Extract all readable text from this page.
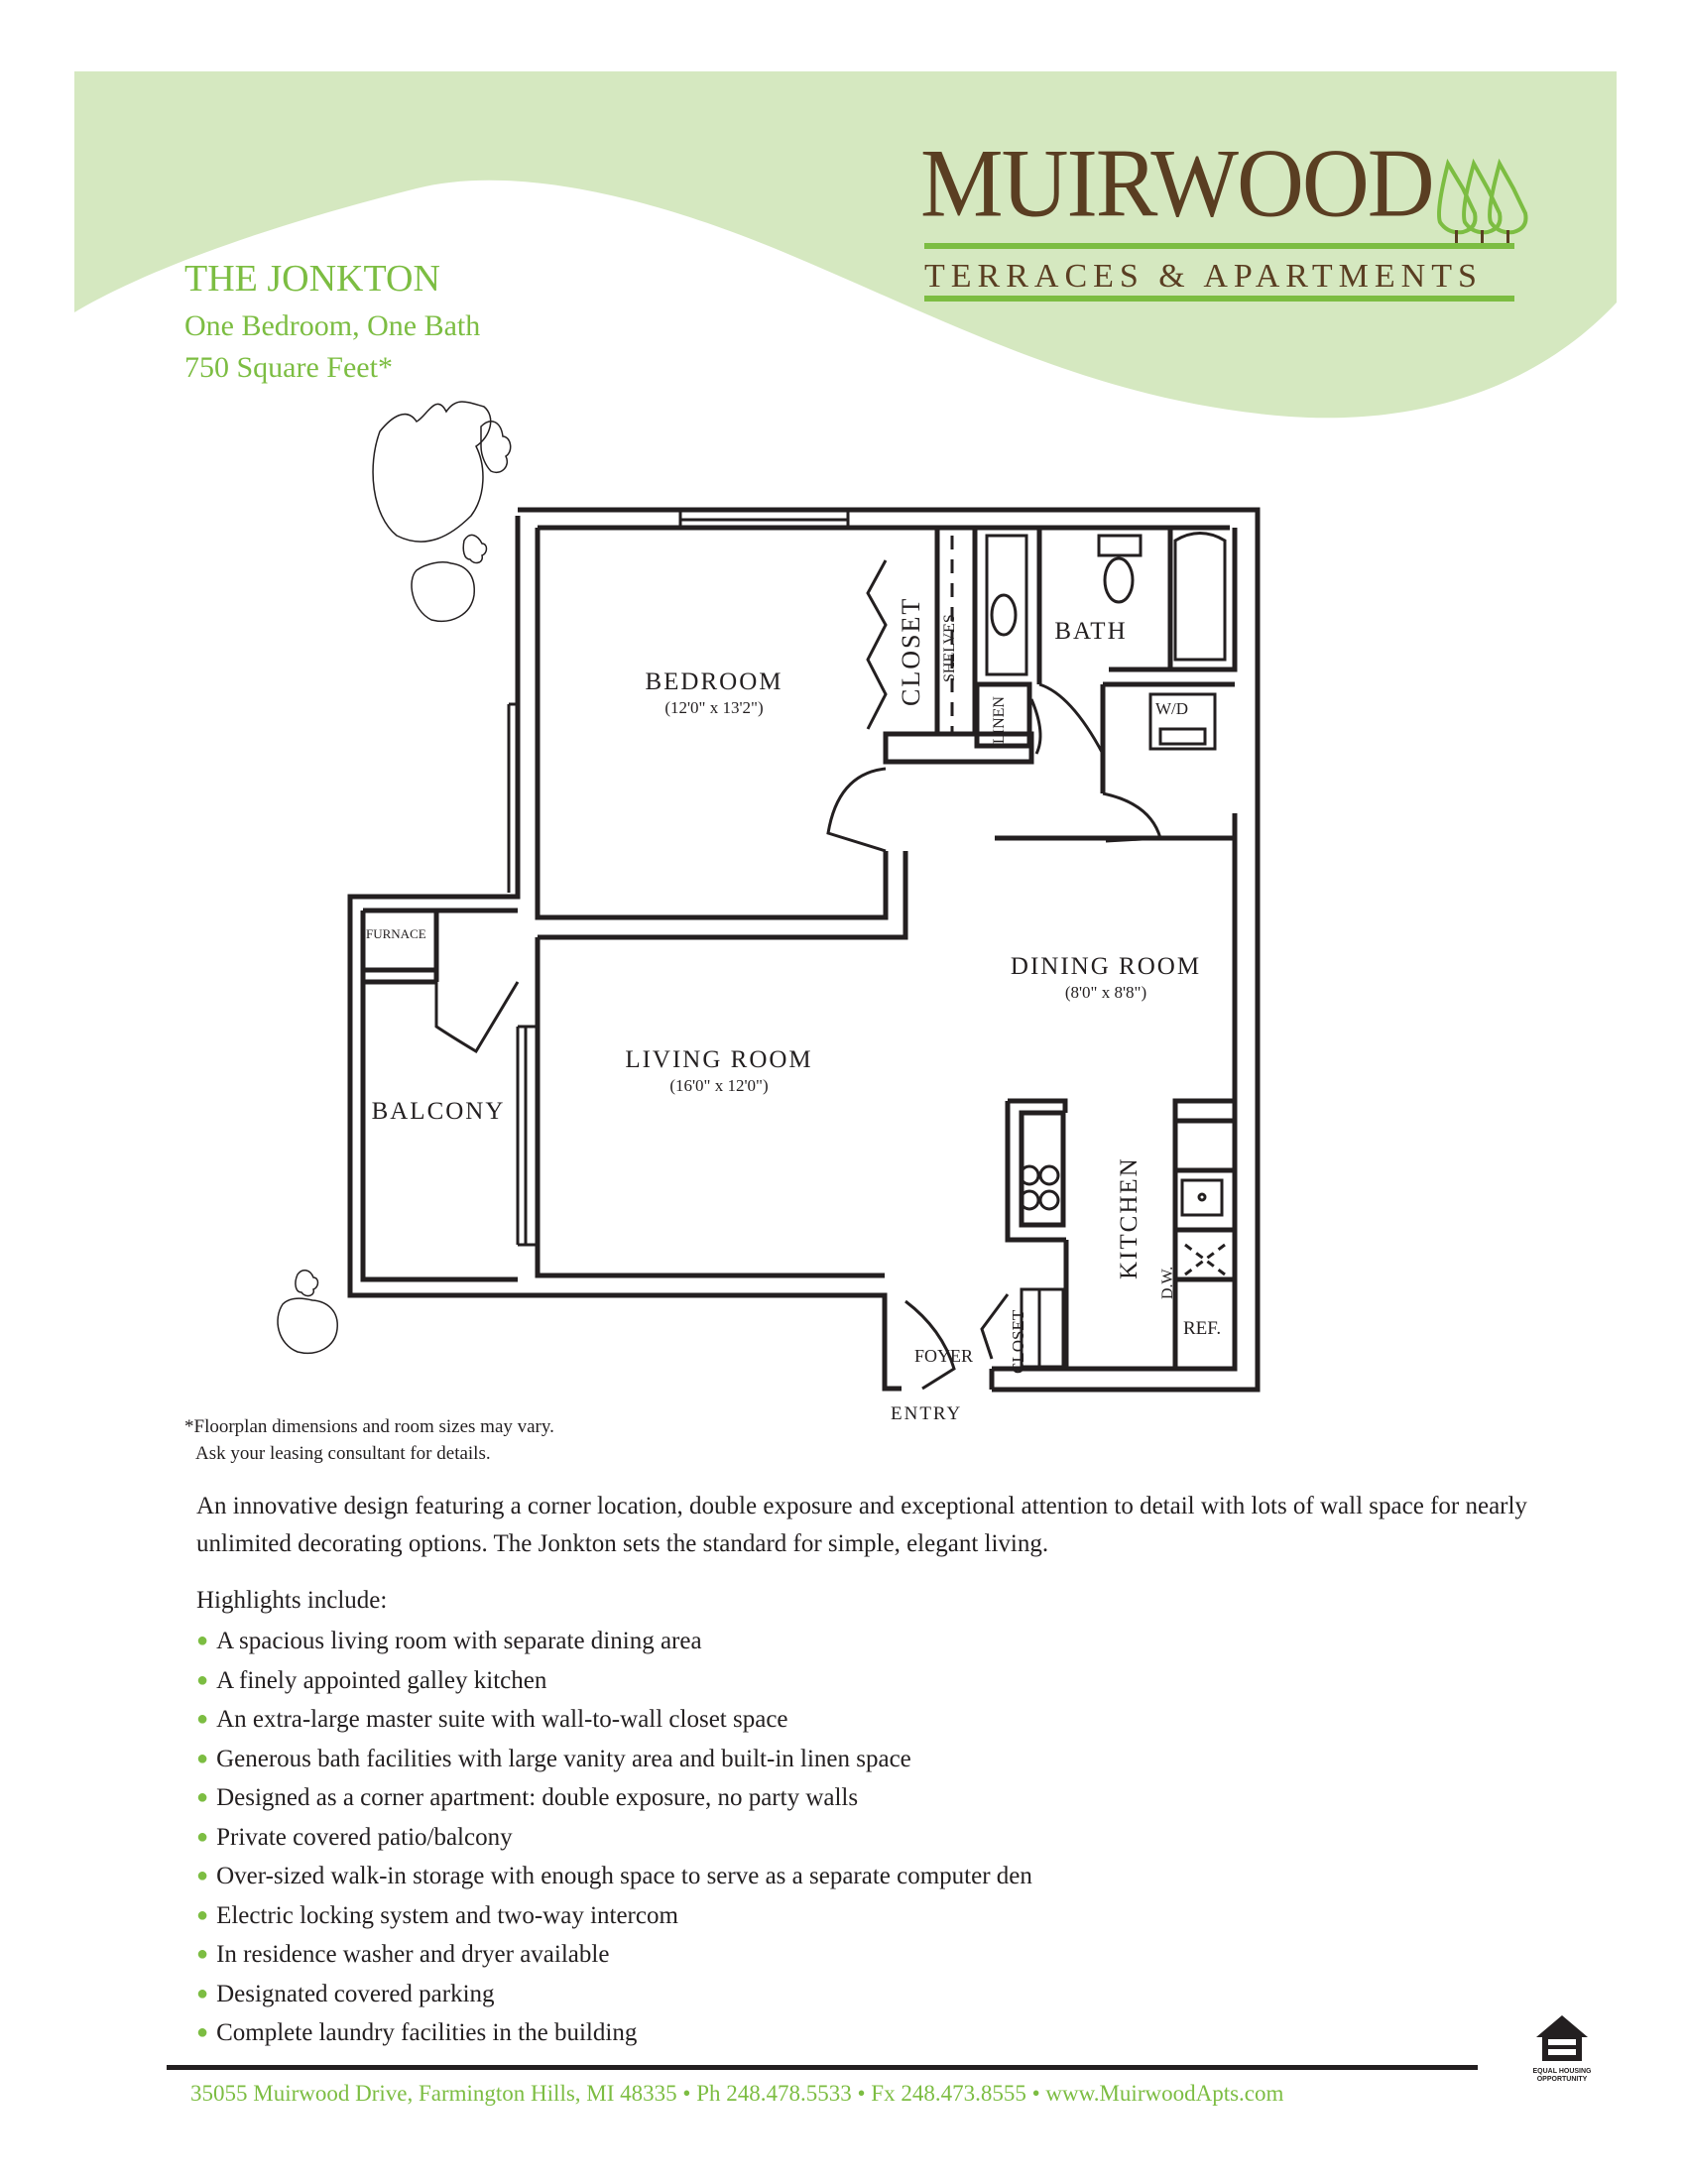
MUIRWOOD
TERRACES & APARTMENTS
THE JONKTON
One Bedroom, One Bath
750 Square Feet*
BEDROOM
(12'0" x 13'2")
LIVING ROOM
(16'0" x 12'0")
DINING ROOM
(8'0" x 8'8")
BATH
BALCONY
KITCHEN
CLOSET SHELVES
LINEN	W/D
FURNACE
FOYER CLOSET
D.W.
REF.
ENTRY
*Floorplan dimensions and room sizes may vary.
Ask your leasing consultant for details.
An innovative design featuring a corner location, double exposure and exceptional attention to detail with lots of wall space for nearly unlimited decorating options. The Jonkton sets the standard for simple, elegant living.
Highlights include:
● A spacious living room with separate dining area
● A finely appointed galley kitchen
● An extra-large master suite with wall-to-wall closet space
● Generous bath facilities with large vanity area and built-in linen space
● Designed as a corner apartment: double exposure, no party walls
● Private covered patio/balcony
● Over-sized walk-in storage with enough space to serve as a separate computer den
● Electric locking system and two-way intercom
● In residence washer and dryer available
● Designated covered parking
● Complete laundry facilities in the building
35055 Muirwood Drive, Farmington Hills, MI 48335 • Ph 248.478.5533 • Fx 248.473.8555 • www.MuirwoodApts.com
EQUAL HOUSING
OPPORTUNITY
